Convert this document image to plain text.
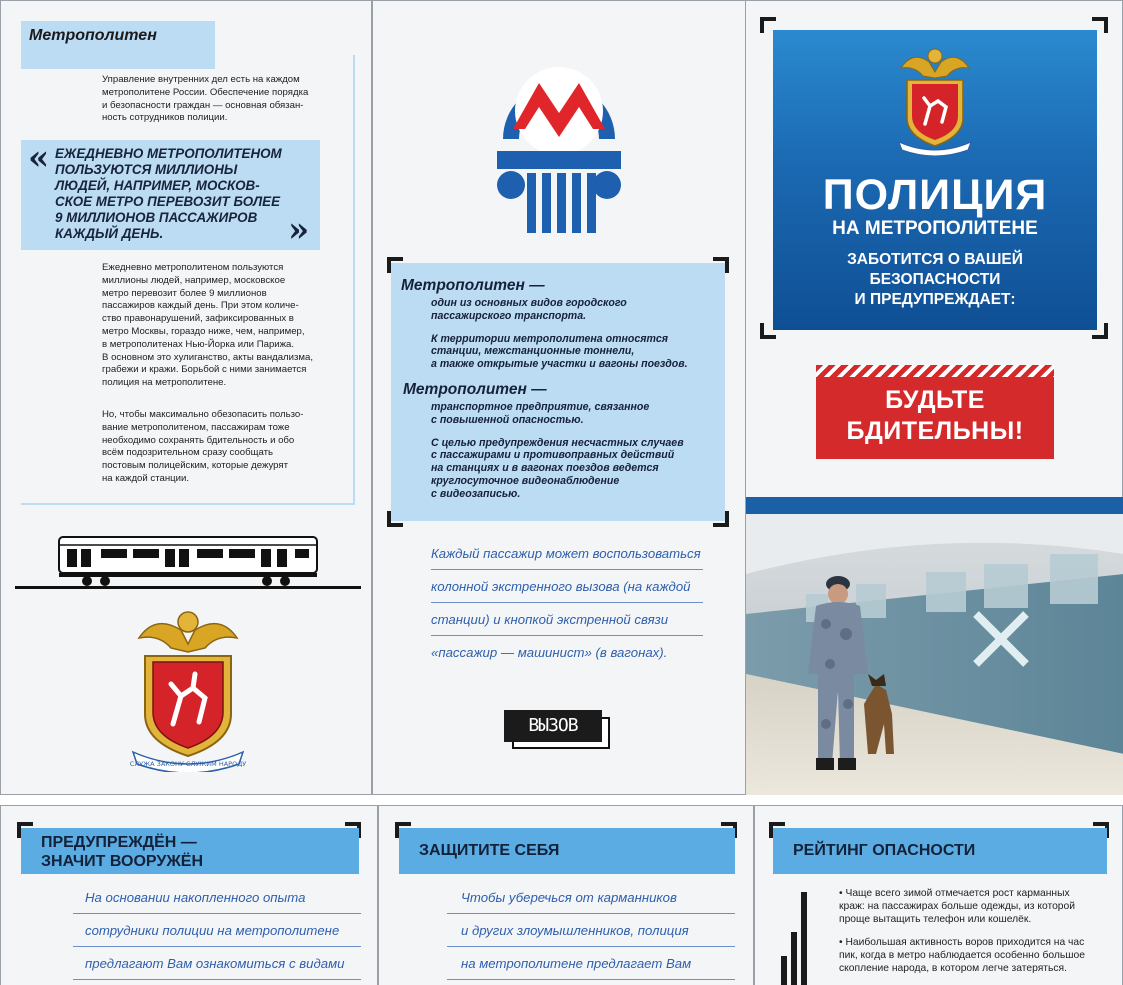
Метрополитен
Управление внутренних дел есть на каждом
метрополитене России. Обеспечение порядка
и безопасности граждан — основная обязан-
ность сотрудников полиции.
ЕЖЕДНЕВНО МЕТРОПОЛИТЕНОМ
ПОЛЬЗУЮТСЯ МИЛЛИОНЫ
ЛЮДЕЙ, НАПРИМЕР, МОСКОВ-
СКОЕ МЕТРО ПЕРЕВОЗИТ БОЛЕЕ
9 МИЛЛИОНОВ ПАССАЖИРОВ
КАЖДЫЙ ДЕНЬ.
«
»
Ежедневно метрополитеном пользуются
миллионы людей, например, московское
метро перевозит более 9 миллионов
пассажиров каждый день. При этом количе-
ство правонарушений, зафиксированных в
метро Москвы, гораздо ниже, чем, например,
в метрополитенах Нью-Йорка или Парижа.
В основном это хулиганство, акты вандализма,
грабежи и кражи. Борьбой с ними занимается
полиция на метрополитене.
Но, чтобы максимально обезопасить пользо-
вание метрополитеном, пассажирам тоже
необходимо сохранять бдительность и обо
всём подозрительном сразу сообщать
постовым полицейским, которые дежурят
на каждой станции.
СЛУЖА ЗАКОНУ СЛУЖИМ НАРОДУ
Метрополитен —
один из основных видов городского
пассажирского транспорта.
К территории метрополитена относятся
станции, межстанционные тоннели,
а также открытые участки и вагоны поездов.
Метрополитен —
транспортное предприятие, связанное
с повышенной опасностью.
С целью предупреждения несчастных случаев
с пассажирами и противоправных действий
на станциях и в вагонах поездов ведется
круглосуточное видеонаблюдение
с видеозаписью.
Каждый пассажир может воспользоваться
колонной экстренного вызова (на каждой
станции) и кнопкой экстренной связи
«пассажир — машинист» (в вагонах).
ВЫЗОВ
ПОЛИЦИЯ
НА МЕТРОПОЛИТЕНЕ
ЗАБОТИТСЯ О ВАШЕЙ
БЕЗОПАСНОСТИ
И ПРЕДУПРЕЖДАЕТ:
БУДЬТЕ
БДИТЕЛЬНЫ!
ПРЕДУПРЕЖДЁН —
ЗНАЧИТ ВООРУЖЁН
На основании накопленного опыта
сотрудники полиции на метрополитене
предлагают Вам ознакомиться с видами
ЗАЩИТИТЕ СЕБЯ
Чтобы уберечься от карманников
и других злоумышленников, полиция
на метрополитене предлагает Вам
РЕЙТИНГ ОПАСНОСТИ
• Чаще всего зимой отмечается рост карманных
краж: на пассажирах больше одежды, из которой
проще вытащить телефон или кошелёк.
• Наибольшая активность воров приходится на час
пик, когда в метро наблюдается особенно большое
скопление народа, в котором легче затеряться.
